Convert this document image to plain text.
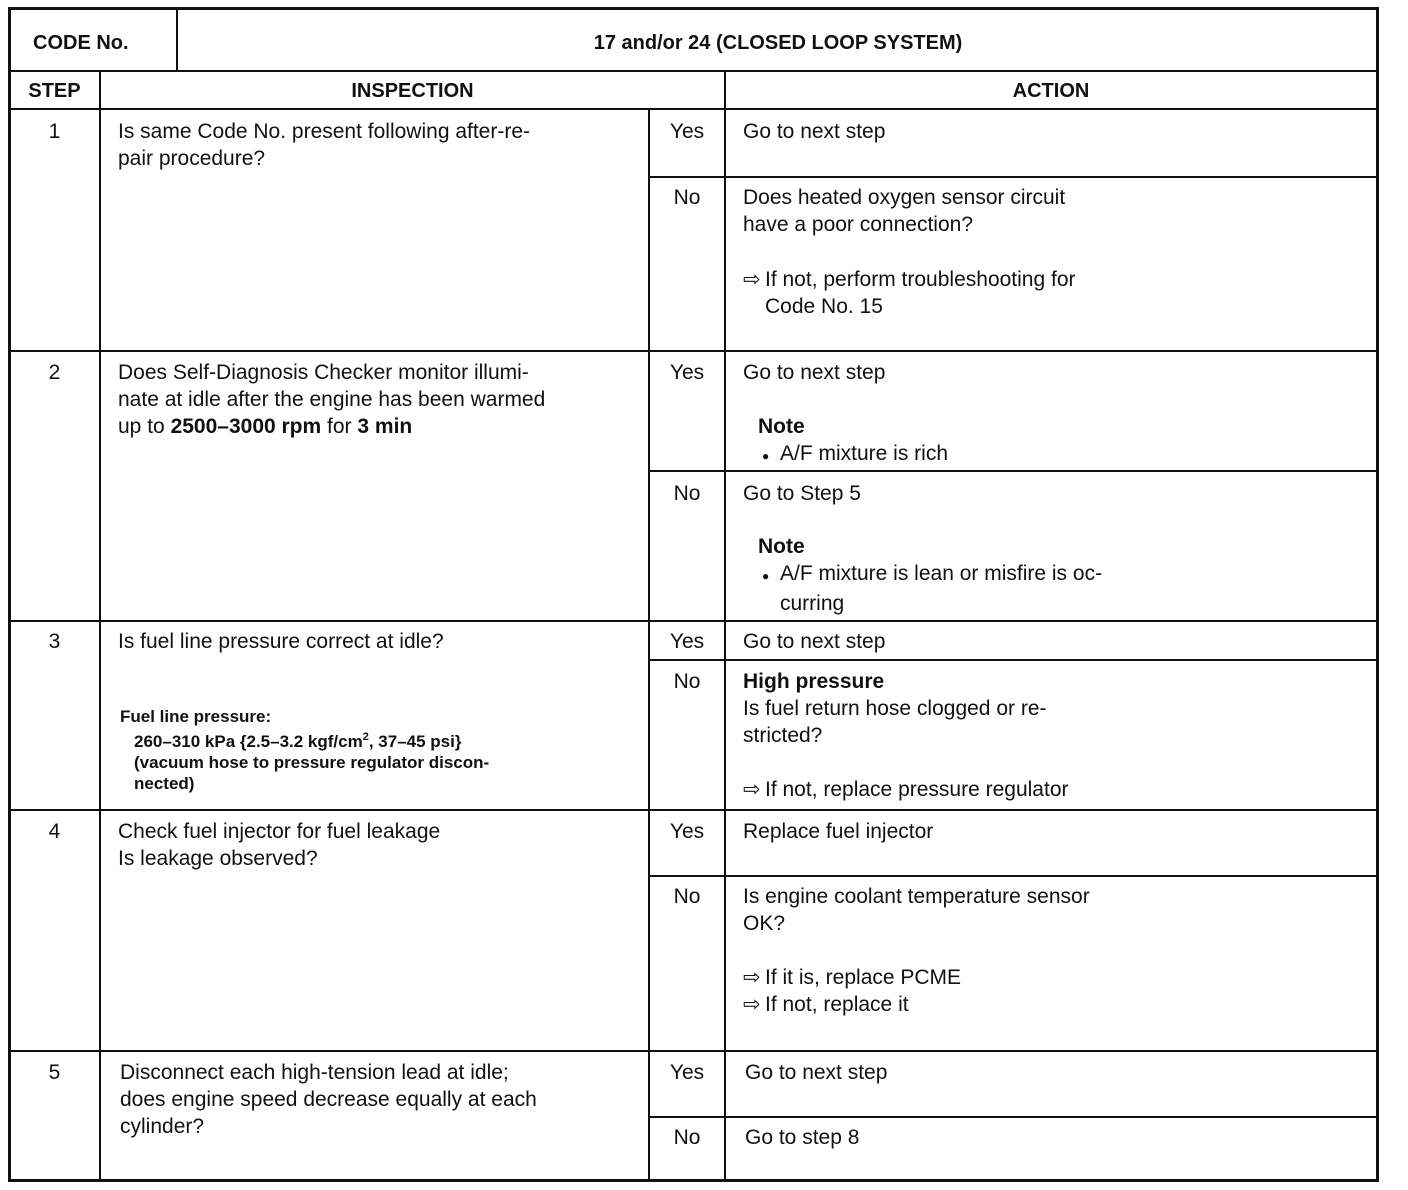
CODE No.	17 and/or 24 (CLOSED LOOP SYSTEM)
STEP	INSPECTION	ACTION
1	Is same Code No. present following after-re-
pair procedure?
Yes	Go to next step
No	Does heated oxygen sensor circuit
have a poor connection?
⇨ If not, perform troubleshooting for
Code No. 15
2	Does Self-Diagnosis Checker monitor illumi-
nate at idle after the engine has been warmed
up to 2500–3000 rpm for 3 min
Yes	Go to next step
Note
● A/F mixture is rich
No	Go to Step 5
Note
● A/F mixture is lean or misfire is oc-
curring
3	Is fuel line pressure correct at idle?
Fuel line pressure:
260–310 kPa {2.5–3.2 kgf/$cm^2$, 37–45 psi}
(vacuum hose to pressure regulator discon-
nected)
Yes	Go to next step
No	High pressure
Is fuel return hose clogged or re-
stricted?
⇨ If not, replace pressure regulator
4	Check fuel injector for fuel leakage
Is leakage observed?
Yes	Replace fuel injector
No	Is engine coolant temperature sensor
OK?
⇨ If it is, replace PCME
⇨ If not, replace it
5	Disconnect each high-tension lead at idle;
does engine speed decrease equally at each
cylinder?
Yes	Go to next step
No	Go to step 8
